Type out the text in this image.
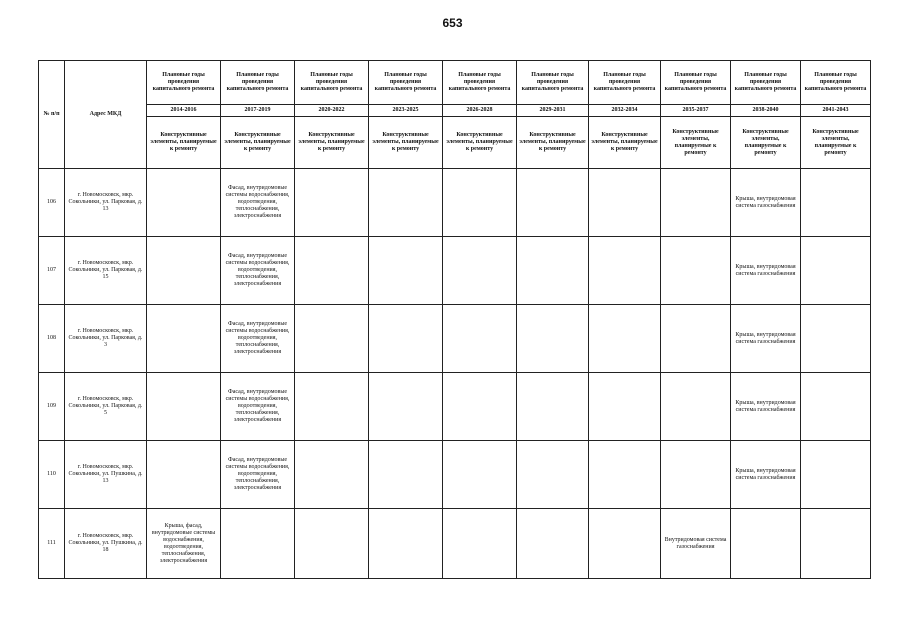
653
№ п/п	Адрес МКД	Плановые годы проведения капитального ремонта	Плановые годы проведения капитального ремонта	Плановые годы проведения капитального ремонта	Плановые годы проведения капитального ремонта	Плановые годы проведения капитального ремонта	Плановые годы проведения капитального ремонта	Плановые годы проведения капитального ремонта	Плановые годы проведения капитального ремонта	Плановые годы проведения капитального ремонта	Плановые годы проведения капитального ремонта
		2014-2016	2017-2019	2020-2022	2023-2025	2026-2028	2029-2031	2032-2034	2035-2037	2038-2040	2041-2043
		Конструктивные элементы, планируемые к ремонту	Конструктивные элементы, планируемые к ремонту	Конструктивные элементы, планируемые к ремонту	Конструктивные элементы, планируемые к ремонту	Конструктивные элементы, планируемые к ремонту	Конструктивные элементы, планируемые к ремонту	Конструктивные элементы, планируемые к ремонту	Конструктивные элементы, планируемые к ремонту	Конструктивные элементы, планируемые к ремонту	Конструктивные элементы, планируемые к ремонту
106	г. Новомосковск, мкр. Сокольники, ул. Парковая, д. 13		Фасад, внутридомовые системы водоснабжения, водоотведения, теплоснабжения, электроснабжения							Крыша, внутридомовая система газоснабжения	
107	г. Новомосковск, мкр. Сокольники, ул. Парковая, д. 15		Фасад, внутридомовые системы водоснабжения, водоотведения, теплоснабжения, электроснабжения							Крыша, внутридомовая система газоснабжения	
108	г. Новомосковск, мкр. Сокольники, ул. Парковая, д. 3		Фасад, внутридомовые системы водоснабжения, водоотведения, теплоснабжения, электроснабжения							Крыша, внутридомовая система газоснабжения	
109	г. Новомосковск, мкр. Сокольники, ул. Парковая, д. 5		Фасад, внутридомовые системы водоснабжения, водоотведения, теплоснабжения, электроснабжения							Крыша, внутридомовая система газоснабжения	
110	г. Новомосковск, мкр. Сокольники, ул. Пушкина, д. 13		Фасад, внутридомовые системы водоснабжения, водоотведения, теплоснабжения, электроснабжения							Крыша, внутридомовая система газоснабжения	
111	г. Новомосковск, мкр. Сокольники, ул. Пушкина, д. 18	Крыша, фасад, внутридомовые системы водоснабжения, водоотведения, теплоснабжения, электроснабжения							Внутридомовая система газоснабжения		
